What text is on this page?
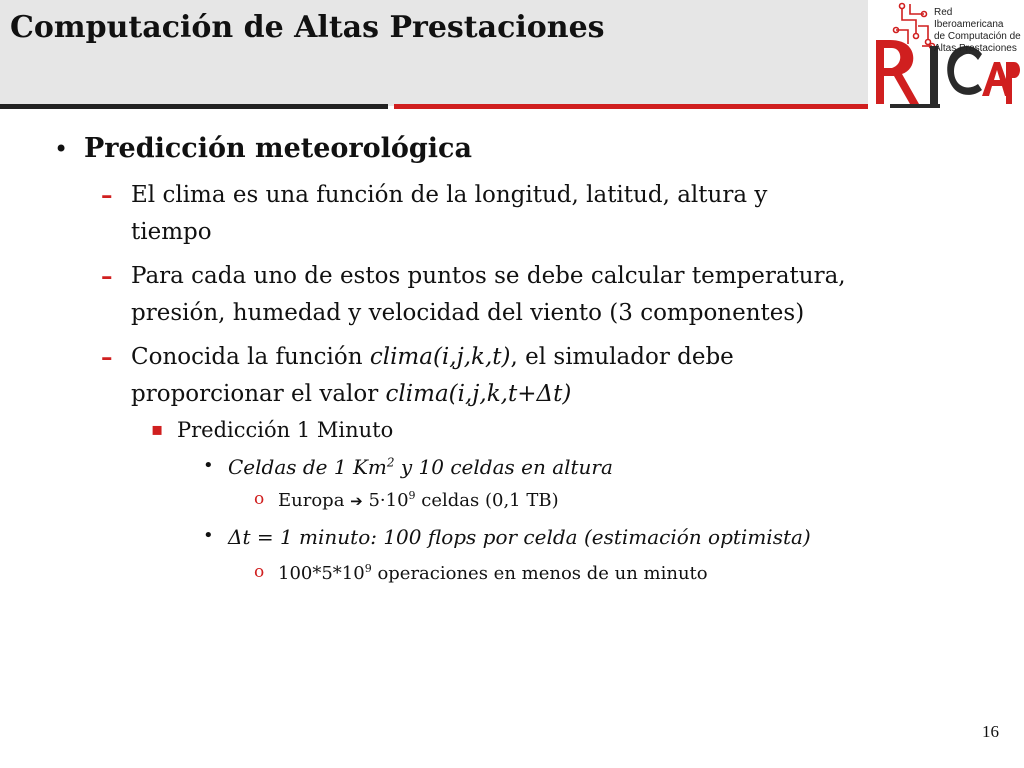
Computación de Altas Prestaciones	Red Iberoamericana
de Computación de
Altas Prestaciones
• Predicción meteorológica
– El clima es una función de la longitud, latitud, altura y
tiempo
– Para cada uno de estos puntos se debe calcular temperatura,
presión, humedad y velocidad del viento (3 componentes)
– Conocida la función clima(i,j,k,t), el simulador debe
proporcionar el valor clima(i,j,k,t+Δt)
▪ Predicción 1 Minuto
• Celdas de 1 Km$^2$ y 10 celdas en altura
o Europa ➔ $5\cdot 10^9$ celdas (0,1 TB)
• Δt = 1 minuto: 100 flops por celda (estimación optimista)
o $100*5*10^9$ operaciones en menos de un minuto
16
